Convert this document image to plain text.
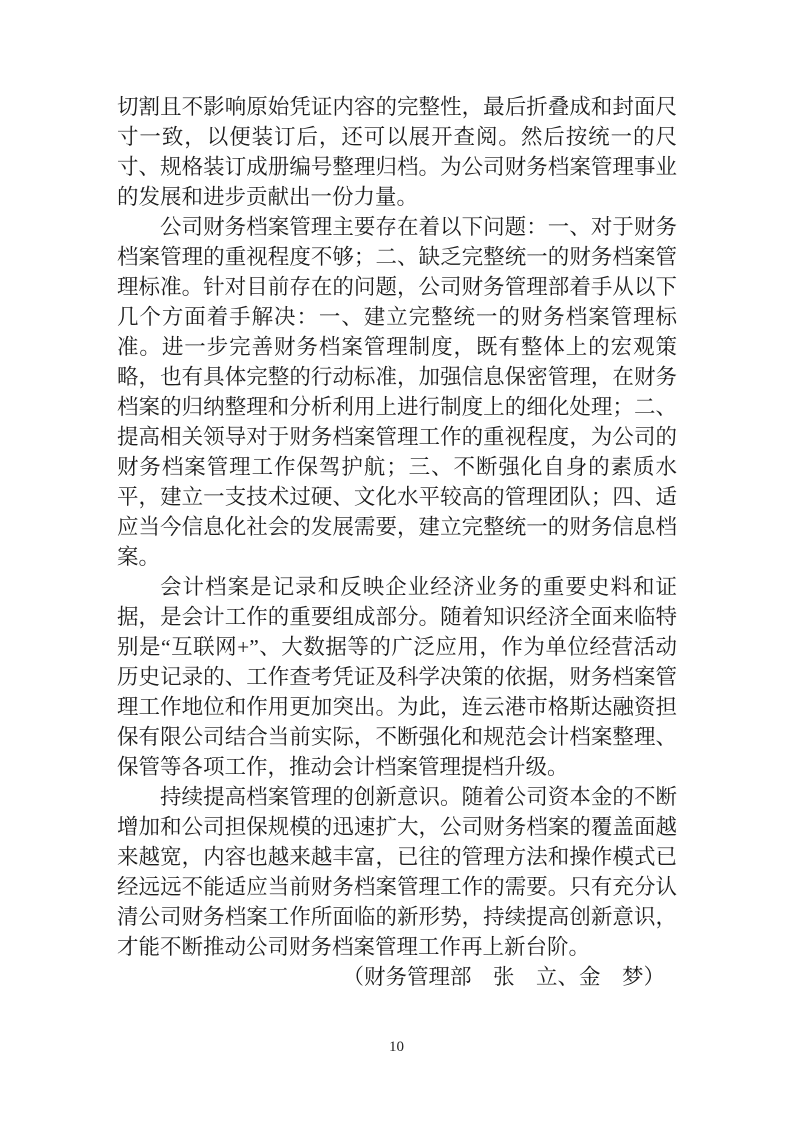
切割且不影响原始凭证内容的完整性，最后折叠成和封面尺寸一致，以便装订后，还可以展开查阅。然后按统一的尺寸、规格装订成册编号整理归档。为公司财务档案管理事业的发展和进步贡献出一份力量。

公司财务档案管理主要存在着以下问题：一、对于财务档案管理的重视程度不够；二、缺乏完整统一的财务档案管理标准。针对目前存在的问题，公司财务管理部着手从以下几个方面着手解决：一、建立完整统一的财务档案管理标准。进一步完善财务档案管理制度，既有整体上的宏观策略，也有具体完整的行动标准，加强信息保密管理，在财务档案的归纳整理和分析利用上进行制度上的细化处理；二、提高相关领导对于财务档案管理工作的重视程度，为公司的财务档案管理工作保驾护航；三、不断强化自身的素质水平，建立一支技术过硬、文化水平较高的管理团队；四、适应当今信息化社会的发展需要，建立完整统一的财务信息档案。

会计档案是记录和反映企业经济业务的重要史料和证据，是会计工作的重要组成部分。随着知识经济全面来临特别是“互联网+”、大数据等的广泛应用，作为单位经营活动历史记录的、工作查考凭证及科学决策的依据，财务档案管理工作地位和作用更加突出。为此，连云港市格斯达融资担保有限公司结合当前实际，不断强化和规范会计档案整理、保管等各项工作，推动会计档案管理提档升级。

持续提高档案管理的创新意识。随着公司资本金的不断增加和公司担保规模的迅速扩大，公司财务档案的覆盖面越来越宽，内容也越来越丰富，已往的管理方法和操作模式已经远远不能适应当前财务档案管理工作的需要。只有充分认清公司财务档案工作所面临的新形势，持续提高创新意识，才能不断推动公司财务档案管理工作再上新台阶。

（财务管理部　张　立、金　梦）
10
